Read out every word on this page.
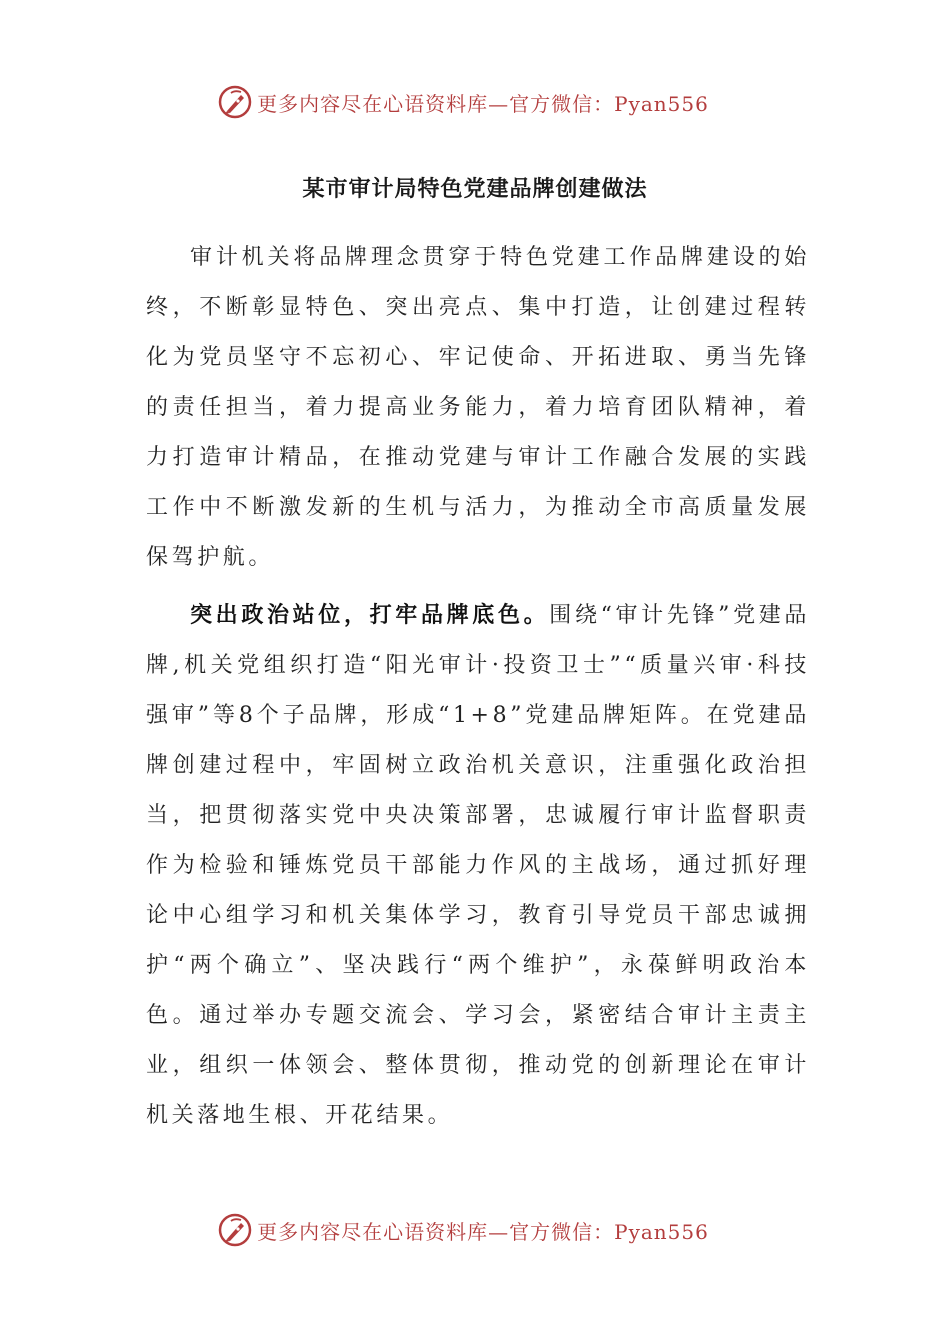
更多内容尽在心语资料库—官方微信：Pyan556
某市审计局特色党建品牌创建做法

审计机关将品牌理念贯穿于特色党建工作品牌建设的始终，不断彰显特色、突出亮点、集中打造，让创建过程转化为党员坚守不忘初心、牢记使命、开拓进取、勇当先锋的责任担当，着力提高业务能力，着力培育团队精神，着力打造审计精品，在推动党建与审计工作融合发展的实践工作中不断激发新的生机与活力，为推动全市高质量发展保驾护航。

突出政治站位，打牢品牌底色。围绕“审计先锋”党建品牌,机关党组织打造“阳光审计·投资卫士”“质量兴审·科技强审”等8个子品牌，形成“1+8”党建品牌矩阵。在党建品牌创建过程中，牢固树立政治机关意识，注重强化政治担当，把贯彻落实党中央决策部署，忠诚履行审计监督职责作为检验和锤炼党员干部能力作风的主战场，通过抓好理论中心组学习和机关集体学习，教育引导党员干部忠诚拥护“两个确立”、坚决践行“两个维护”，永葆鲜明政治本色。通过举办专题交流会、学习会，紧密结合审计主责主业，组织一体领会、整体贯彻，推动党的创新理论在审计机关落地生根、开花结果。

更多内容尽在心语资料库—官方微信：Pyan556
